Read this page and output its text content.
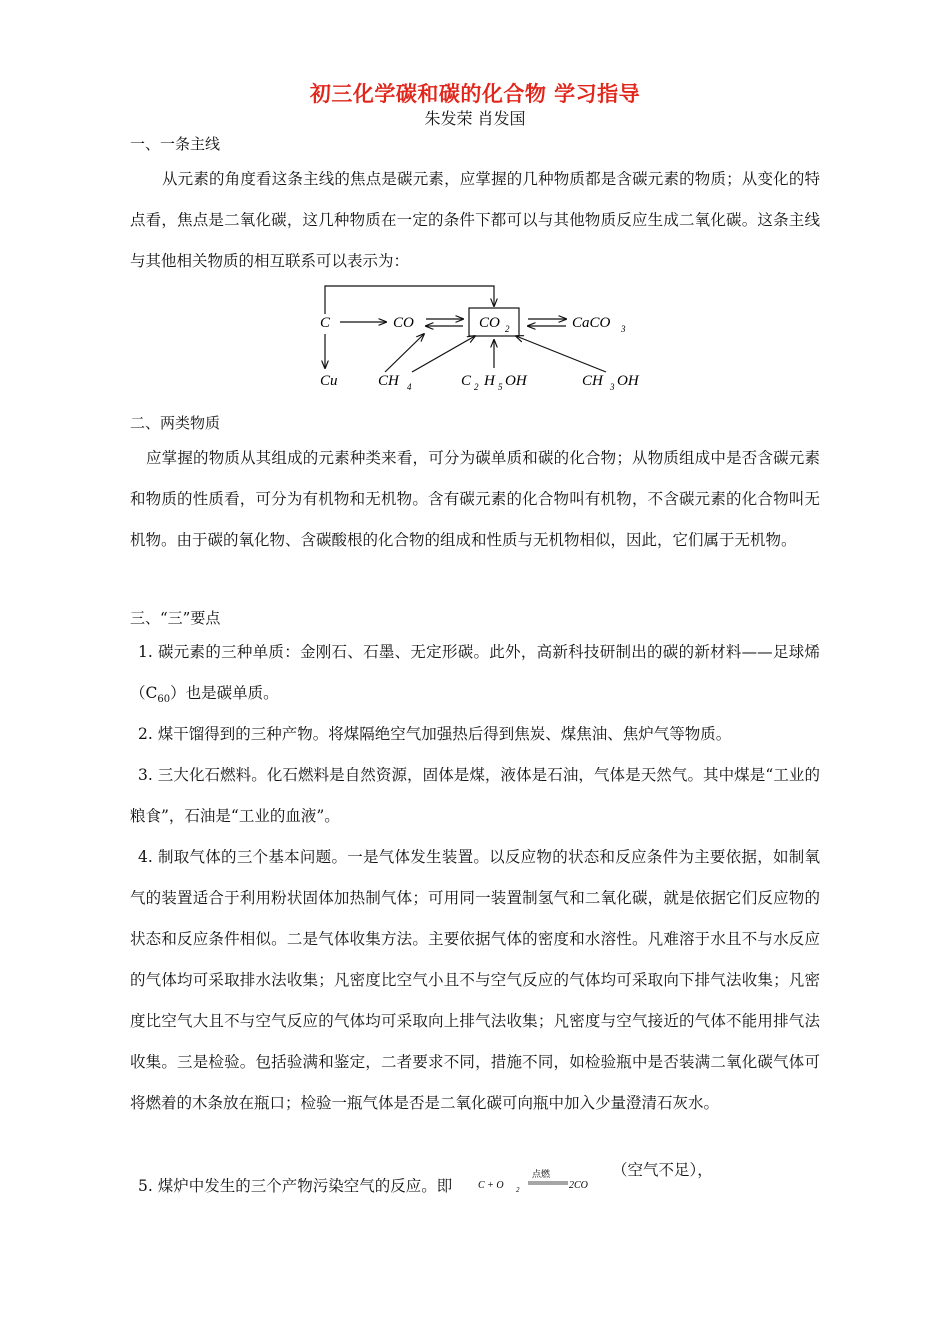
初三化学碳和碳的化合物 学习指导
朱发荣 肖发国
一、一条主线
从元素的角度看这条主线的焦点是碳元素，应掌握的几种物质都是含碳元素的物质；从变化的特点看，焦点是二氧化碳，这几种物质在一定的条件下都可以与其他物质反应生成二氧化碳。这条主线与其他相关物质的相互联系可以表示为：
C	CO	CO 2	CaCO 3
Cu	CH 4	C 2 H 5 OH	CH 3 OH
二、两类物质
应掌握的物质从其组成的元素种类来看，可分为碳单质和碳的化合物；从物质组成中是否含碳元素和物质的性质看，可分为有机物和无机物。含有碳元素的化合物叫有机物，不含碳元素的化合物叫无机物。由于碳的氧化物、含碳酸根的化合物的组成和性质与无机物相似，因此，它们属于无机物。
三、“三”要点
1. 碳元素的三种单质：金刚石、石墨、无定形碳。此外，高新科技研制出的碳的新材料——足球烯$(C_{60})$也是碳单质。
2. 煤干馏得到的三种产物。将煤隔绝空气加强热后得到焦炭、煤焦油、焦炉气等物质。
3. 三大化石燃料。化石燃料是自然资源，固体是煤，液体是石油，气体是天然气。其中煤是“工业的粮食”，石油是“工业的血液”。
4. 制取气体的三个基本问题。一是气体发生装置。以反应物的状态和反应条件为主要依据，如制氧气的装置适合于利用粉状固体加热制气体；可用同一装置制氢气和二氧化碳，就是依据它们反应物的状态和反应条件相似。二是气体收集方法。主要依据气体的密度和水溶性。凡难溶于水且不与水反应的气体均可采取排水法收集；凡密度比空气小且不与空气反应的气体均可采取向下排气法收集；凡密度比空气大且不与空气反应的气体均可采取向上排气法收集；凡密度与空气接近的气体不能用排气法收集。三是检验。包括验满和鉴定，二者要求不同，措施不同，如检验瓶中是否装满二氧化碳气体可将燃着的木条放在瓶口；检验一瓶气体是否是二氧化碳可向瓶中加入少量澄清石灰水。
5. 煤炉中发生的三个产物污染空气的反应。即
点燃
C + O 2	2CO
（空气不足），
